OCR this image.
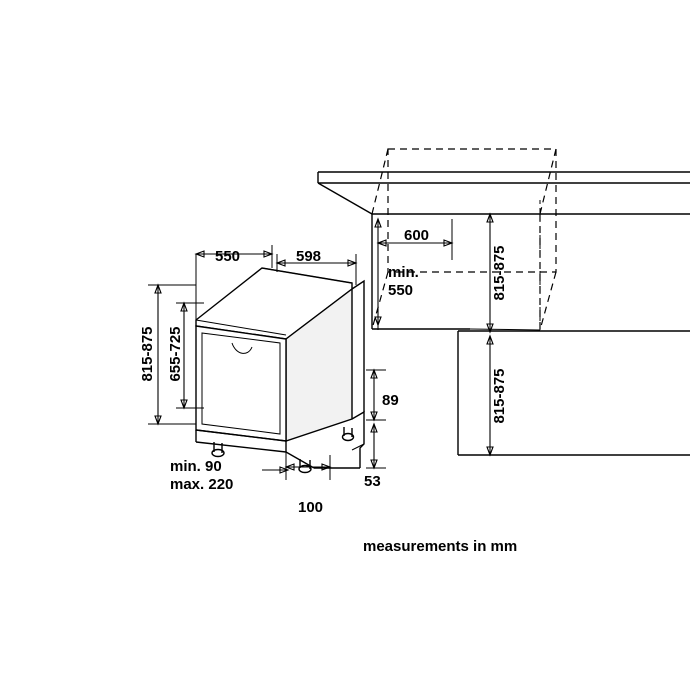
550	598
600
min.
550	815-875
815-875
815-875 655-725
89
53
100
min. 90
max. 220
measurements in mm
